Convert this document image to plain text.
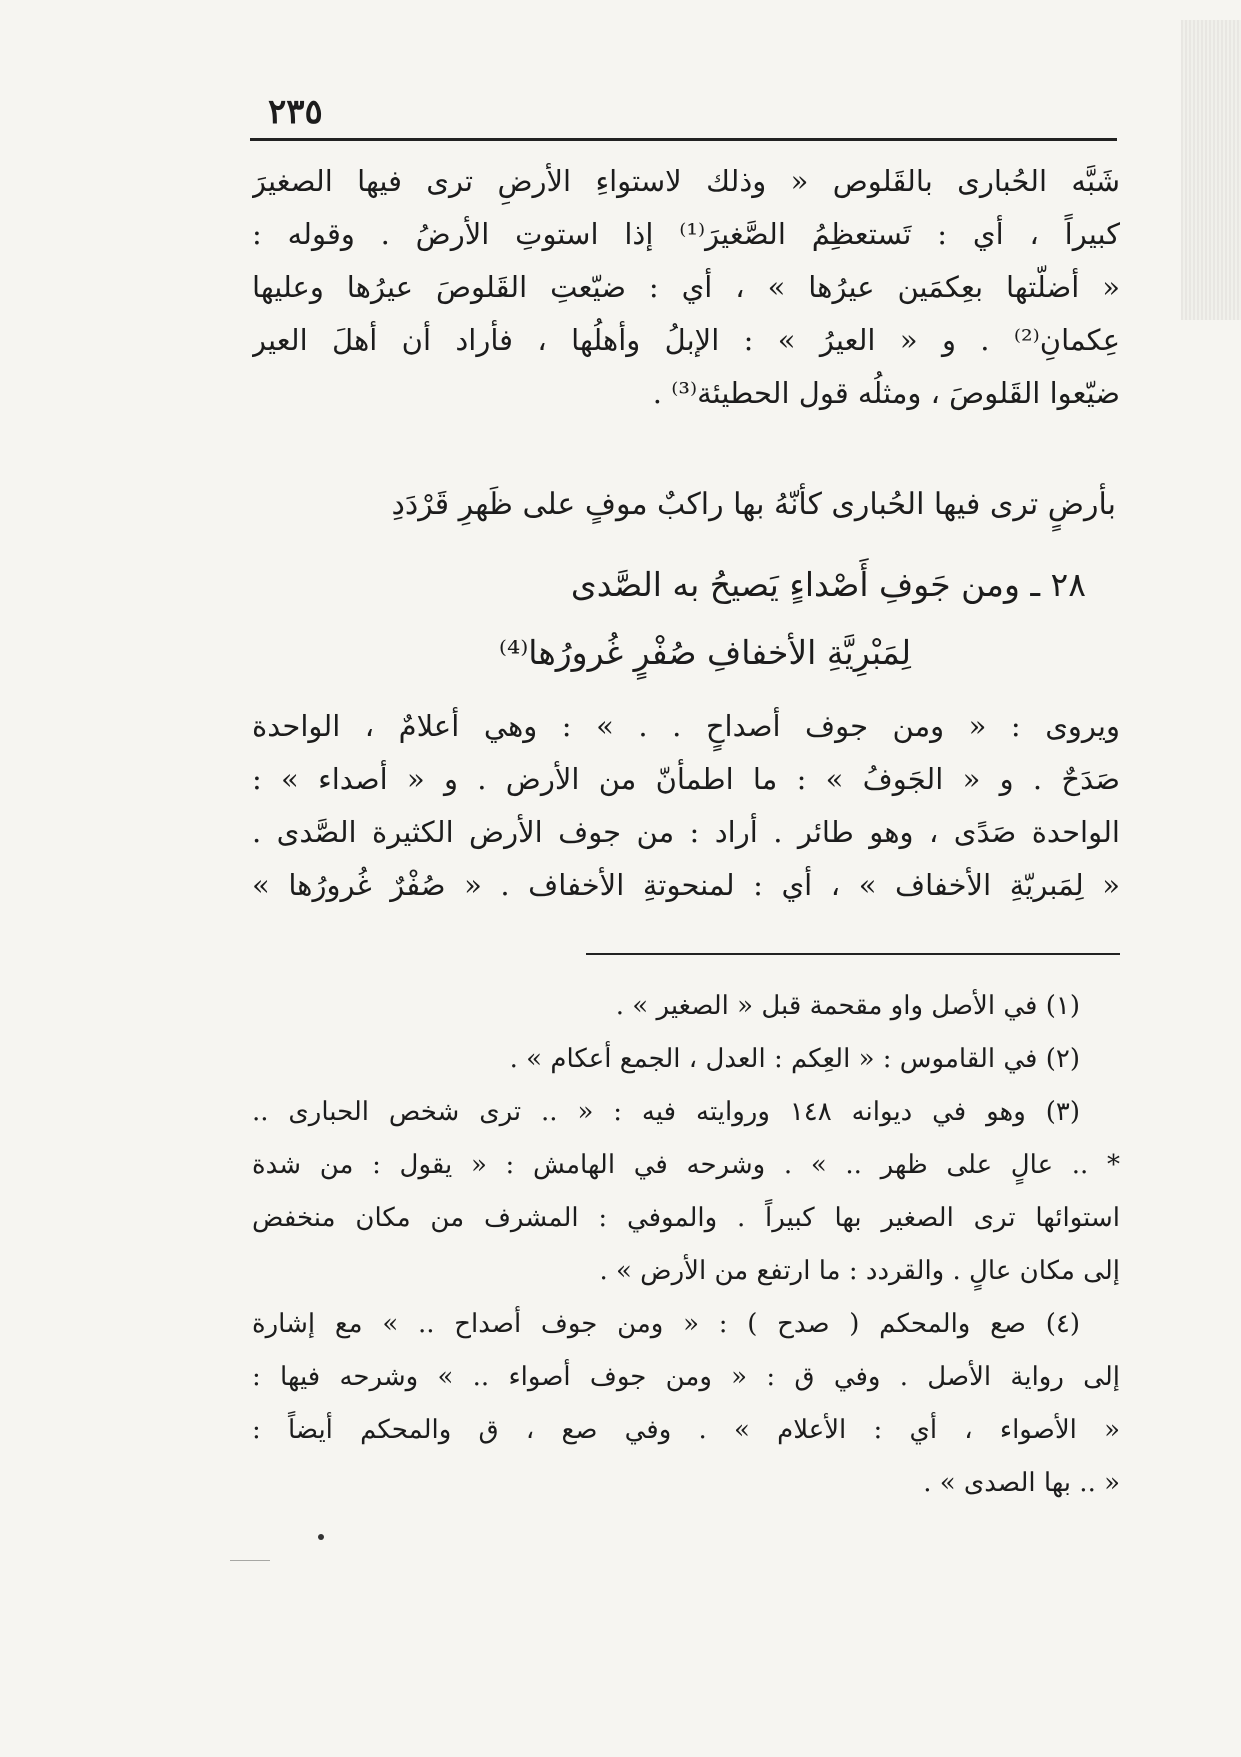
٢٣٥
شَبَّه الحُبارى بالقَلوص « وذلك لاستواءِ الأرضِ ترى فيها الصغيرَ
كبيراً ، أي : تَستعظِمُ الصَّغيرَ⁽¹⁾ إذا استوتِ الأرضُ . وقوله :
« أضلّتها بعِكمَين عيرُها » ، أي : ضيّعتِ القَلوصَ عيرُها وعليها
عِكمانِ⁽²⁾ . و « العيرُ » : الإبلُ وأهلُها ، فأراد أن أهلَ العير
ضيّعوا القَلوصَ ، ومثلُه قول الحطيئة⁽³⁾ .
بأرضٍ ترى فيها الحُبارى كأنّهُ بها راكبٌ موفٍ على ظَهرِ قَرْدَدِ
٢٨ ـ ومن جَوفِ أَصْداءٍ يَصيحُ به الصَّدى
لِمَبْرِيَّةِ الأخفافِ صُفْرٍ غُرورُها⁽⁴⁾
ويروى : « ومن جوف أصداحٍ . . » : وهي أعلامٌ ، الواحدة
صَدَحٌ . و « الجَوفُ » : ما اطمأنّ من الأرض . و « أصداء » :
الواحدة صَدًى ، وهو طائر . أراد : من جوف الأرض الكثيرة الصَّدى .
« لِمَبريّةِ الأخفاف » ، أي : لمنحوتةِ الأخفاف . « صُفْرٌ غُرورُها »
(١) في الأصل واو مقحمة قبل « الصغير » .
(٢) في القاموس : « العِكم : العدل ، الجمع أعكام » .
(٣) وهو في ديوانه ١٤٨ وروايته فيه : « .. ترى شخص الحبارى ..
* .. عالٍ على ظهر .. » . وشرحه في الهامش : « يقول : من شدة
استوائها ترى الصغير بها كبيراً . والموفي : المشرف من مكان منخفض
إلى مكان عالٍ . والقردد : ما ارتفع من الأرض » .
(٤) صع والمحكم ( صدح ) : « ومن جوف أصداح .. » مع إشارة
إلى رواية الأصل . وفي ق : « ومن جوف أصواء .. » وشرحه فيها :
« الأصواء ، أي : الأعلام » . وفي صع ، ق والمحكم أيضاً :
« .. بها الصدى » .
